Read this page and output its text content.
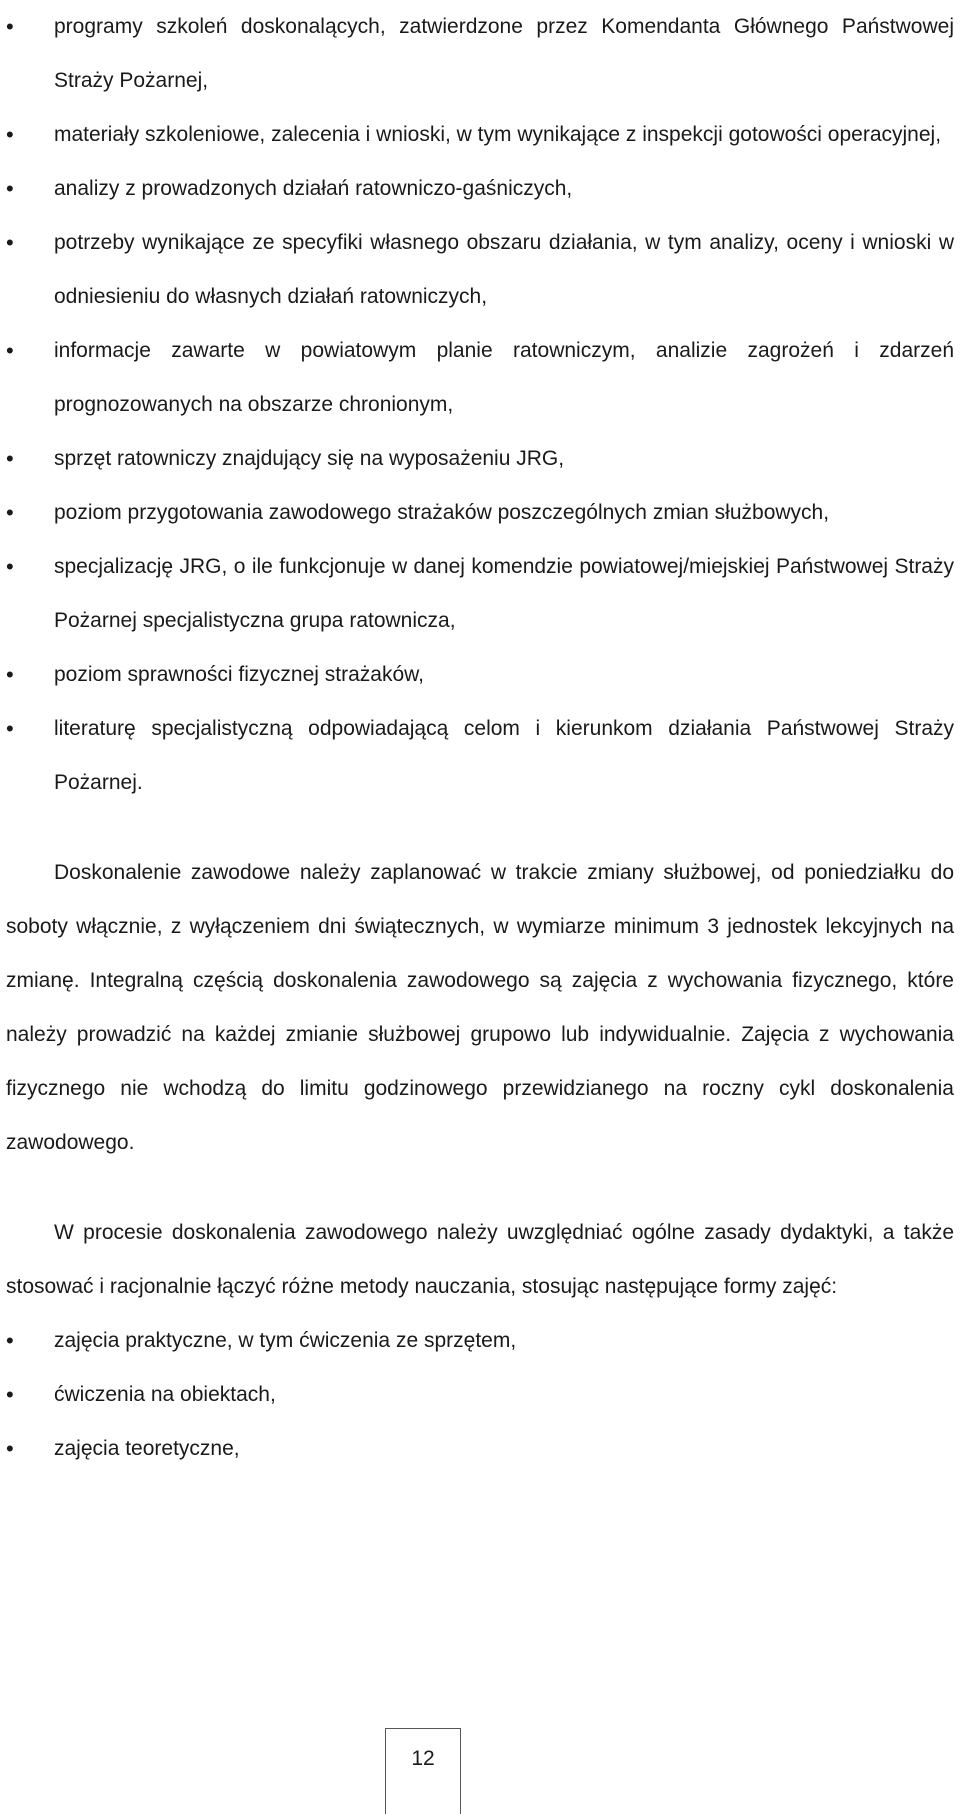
•	programy szkoleń doskonalących, zatwierdzone przez Komendanta Głównego Państwowej Straży Pożarnej,
•	materiały szkoleniowe, zalecenia i wnioski, w tym wynikające z inspekcji gotowości operacyjnej,
•	analizy z prowadzonych działań ratowniczo-gaśniczych,
•	potrzeby wynikające ze specyfiki własnego obszaru działania, w tym analizy, oceny i wnioski w odniesieniu do własnych działań ratowniczych,
•	informacje zawarte w powiatowym planie ratowniczym, analizie zagrożeń i zdarzeń prognozowanych na obszarze chronionym,
•	sprzęt ratowniczy znajdujący się na wyposażeniu JRG,
•	poziom przygotowania zawodowego strażaków poszczególnych zmian służbowych,
•	specjalizację JRG, o ile funkcjonuje w danej komendzie powiatowej/miejskiej Państwowej Straży Pożarnej specjalistyczna grupa ratownicza,
•	poziom sprawności fizycznej strażaków,
•	literaturę specjalistyczną odpowiadającą celom i kierunkom działania Państwowej Straży Pożarnej.

Doskonalenie zawodowe należy zaplanować w trakcie zmiany służbowej, od poniedziałku do soboty włącznie, z wyłączeniem dni świątecznych, w wymiarze minimum 3 jednostek lekcyjnych na zmianę. Integralną częścią doskonalenia zawodowego są zajęcia z wychowania fizycznego, które należy prowadzić na każdej zmianie służbowej grupowo lub indywidualnie. Zajęcia z wychowania fizycznego nie wchodzą do limitu godzinowego przewidzianego na roczny cykl doskonalenia zawodowego.

W procesie doskonalenia zawodowego należy uwzględniać ogólne zasady dydaktyki, a także stosować i racjonalnie łączyć różne metody nauczania, stosując następujące formy zajęć:

•	zajęcia praktyczne, w tym ćwiczenia ze sprzętem,
•	ćwiczenia na obiektach,
•	zajęcia teoretyczne,
12
